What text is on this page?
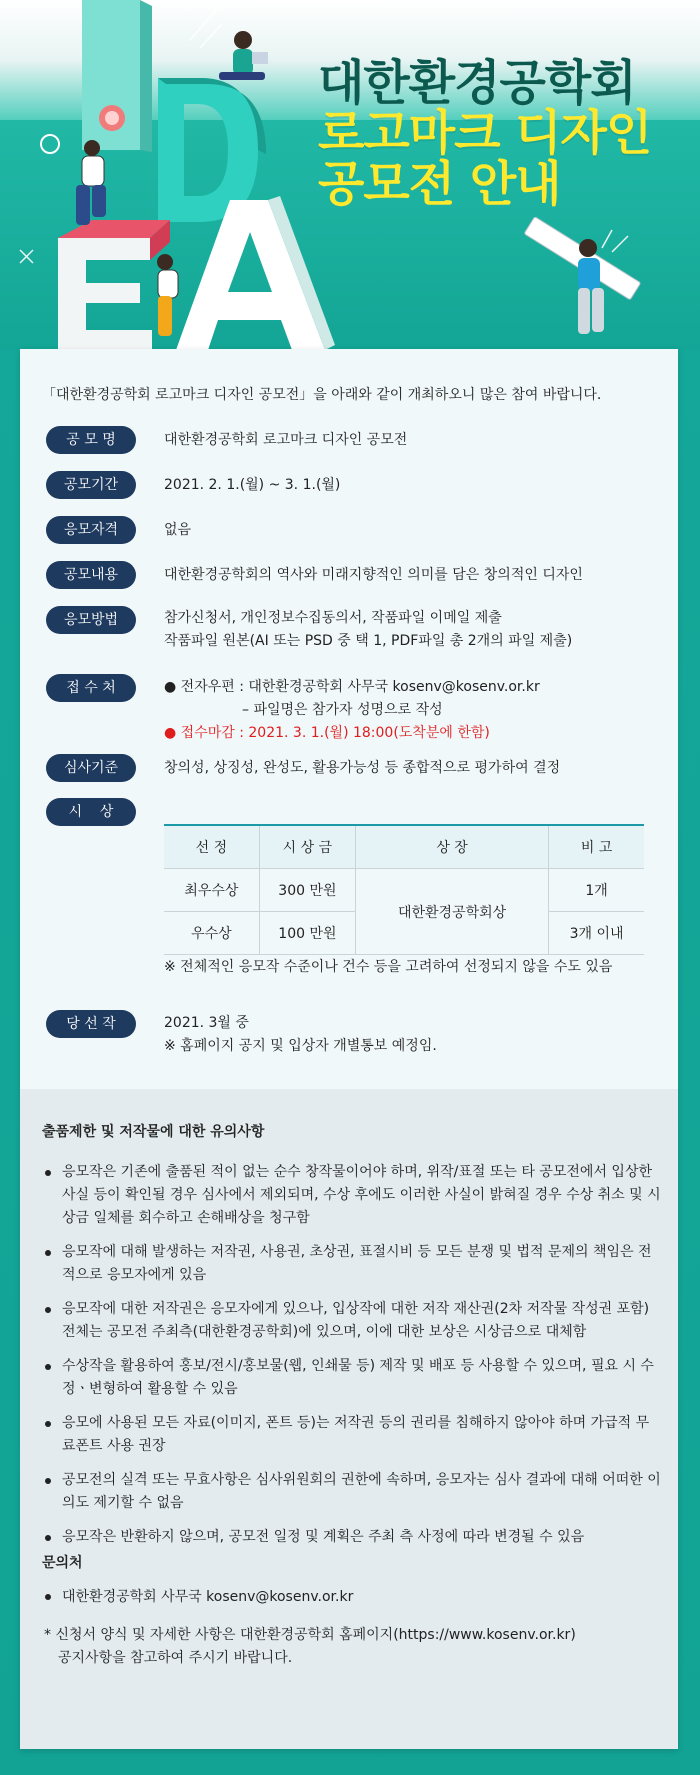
대한환경공학회
로고마크 디자인
공모전 안내
「대한환경공학회 로고마크 디자인 공모전」을 아래와 같이 개최하오니 많은 참여 바랍니다.
공 모 명	대한환경공학회 로고마크 디자인 공모전
공모기간	2021. 2. 1.(월) ~ 3. 1.(월)
응모자격	없음
공모내용	대한환경공학회의 역사와 미래지향적인 의미를 담은 창의적인 디자인
응모방법	참가신청서, 개인정보수집동의서, 작품파일 이메일 제출
작품파일 원본(AI 또는 PSD 중 택 1, PDF파일 총 2개의 파일 제출)
접 수 처	● 전자우편 : 대한환경공학회 사무국 kosenv@kosenv.or.kr
– 파일명은 참가자 성명으로 작성
● 접수마감 : 2021. 3. 1.(월) 18:00(도착분에 한함)
심사기준	창의성, 상징성, 완성도, 활용가능성 등 종합적으로 평가하여 결정
시    상
선 정	시 상 금	상 장	비 고
최우수상	300 만원	대한환경공학회상	1개
우수상	100 만원		3개 이내
※ 전체적인 응모작 수준이나 건수 등을 고려하여 선정되지 않을 수도 있음
당 선 작	2021. 3월 중
※ 홈페이지 공지 및 입상자 개별통보 예정임.
출품제한 및 저작물에 대한 유의사항
응모작은 기존에 출품된 적이 없는 순수 창작물이어야 하며, 위작/표절 또는 타 공모전에서 입상한 사실 등이 확인될 경우 심사에서 제외되며, 수상 후에도 이러한 사실이 밝혀질 경우 수상 취소 및 시상금 일체를 회수하고 손해배상을 청구함
응모작에 대해 발생하는 저작권, 사용권, 초상권, 표절시비 등 모든 분쟁 및 법적 문제의 책임은 전적으로 응모자에게 있음
응모작에 대한 저작권은 응모자에게 있으나, 입상작에 대한 저작 재산권(2차 저작물 작성권 포함) 전체는 공모전 주최측(대한환경공학회)에 있으며, 이에 대한 보상은 시상금으로 대체함
수상작을 활용하여 홍보/전시/홍보물(웹, 인쇄물 등) 제작 및 배포 등 사용할 수 있으며, 필요 시 수정ㆍ변형하여 활용할 수 있음
응모에 사용된 모든 자료(이미지, 폰트 등)는 저작권 등의 권리를 침해하지 않아야 하며 가급적 무료폰트 사용 권장
공모전의 실격 또는 무효사항은 심사위원회의 권한에 속하며, 응모자는 심사 결과에 대해 어떠한 이의도 제기할 수 없음
응모작은 반환하지 않으며, 공모전 일정 및 계획은 주최 측 사정에 따라 변경될 수 있음
문의처
대한환경공학회 사무국 kosenv@kosenv.or.kr
* 신청서 양식 및 자세한 사항은 대한환경공학회 홈페이지(https://www.kosenv.or.kr)
공지사항을 참고하여 주시기 바랍니다.
